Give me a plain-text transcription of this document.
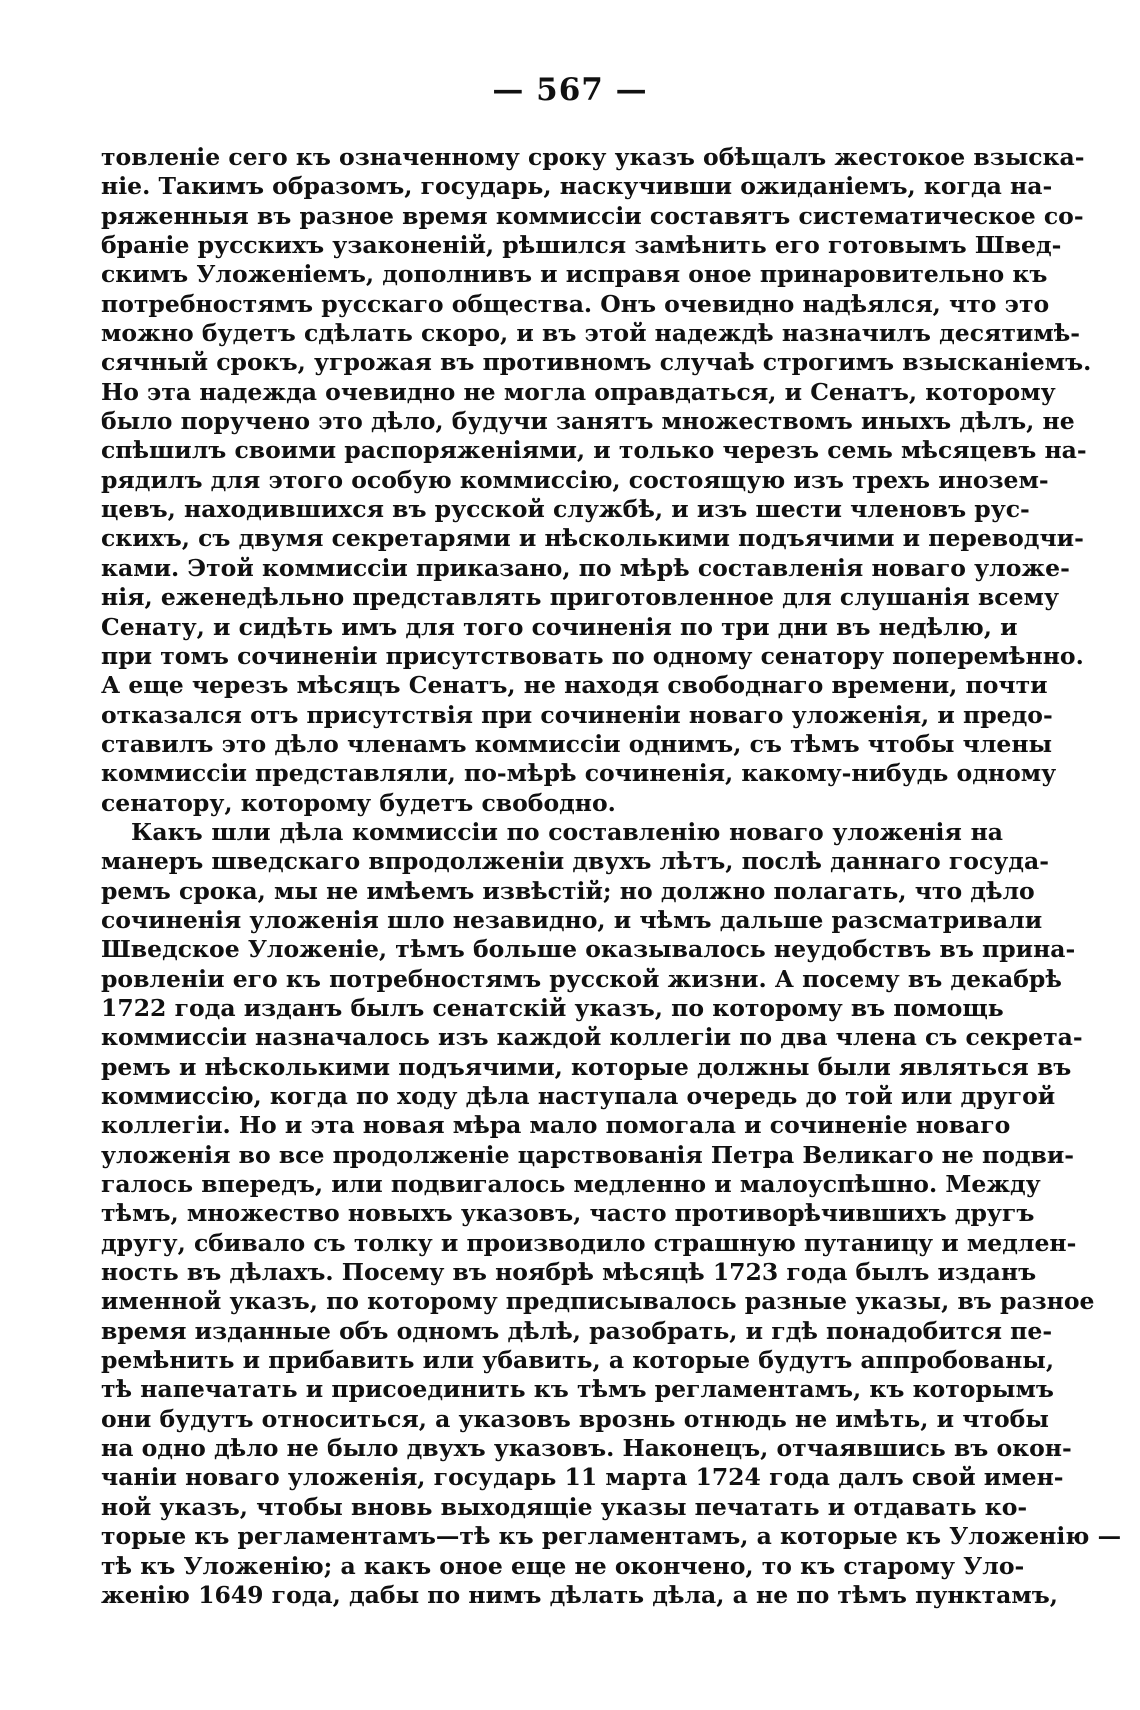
— 567 —
товленіе сего къ означенному сроку указъ обѣщалъ жестокое взыска-
ніе. Такимъ образомъ, государь, наскучивши ожиданіемъ, когда на-
ряженныя въ разное время коммиссіи составятъ систематическое со-
браніе русскихъ узаконеній, рѣшился замѣнить его готовымъ Швед-
скимъ Уложеніемъ, дополнивъ и исправя оное принаровительно къ
потребностямъ русскаго общества. Онъ очевидно надѣялся, что это
можно будетъ сдѣлать скоро, и въ этой надеждѣ назначилъ десятимѣ-
сячный срокъ, угрожая въ противномъ случаѣ строгимъ взысканіемъ.
Но эта надежда очевидно не могла оправдаться, и Сенатъ, которому
было поручено это дѣло, будучи занятъ множествомъ иныхъ дѣлъ, не
спѣшилъ своими распоряженіями, и только черезъ семь мѣсяцевъ на-
рядилъ для этого особую коммиссію, состоящую изъ трехъ инозем-
цевъ, находившихся въ русской службѣ, и изъ шести членовъ рус-
скихъ, съ двумя секретарями и нѣсколькими подъячими и переводчи-
ками. Этой коммиссіи приказано, по мѣрѣ составленія новаго уложе-
нія, еженедѣльно представлять приготовленное для слушанія всему
Сенату, и сидѣть имъ для того сочиненія по три дни въ недѣлю, и
при томъ сочиненіи присутствовать по одному сенатору поперемѣнно.
А еще черезъ мѣсяцъ Сенатъ, не находя свободнаго времени, почти
отказался отъ присутствія при сочиненіи новаго уложенія, и предо-
ставилъ это дѣло членамъ коммиссіи однимъ, съ тѣмъ чтобы члены
коммиссіи представляли, по-мѣрѣ сочиненія, какому-нибудь одному
сенатору, которому будетъ свободно.
Какъ шли дѣла коммиссіи по составленію новаго уложенія на
манеръ шведскаго впродолженіи двухъ лѣтъ, послѣ даннаго госуда-
ремъ срока, мы не имѣемъ извѣстій; но должно полагать, что дѣло
сочиненія уложенія шло незавидно, и чѣмъ дальше разсматривали
Шведское Уложеніе, тѣмъ больше оказывалось неудобствъ въ прина-
ровленіи его къ потребностямъ русской жизни. А посему въ декабрѣ
1722 года изданъ былъ сенатскій указъ, по которому въ помощь
коммиссіи назначалось изъ каждой коллегіи по два члена съ секрета-
ремъ и нѣсколькими подъячими, которые должны были являться въ
коммиссію, когда по ходу дѣла наступала очередь до той или другой
коллегіи. Но и эта новая мѣра мало помогала и сочиненіе новаго
уложенія во все продолженіе царствованія Петра Великаго не подви-
галось впередъ, или подвигалось медленно и малоуспѣшно. Между
тѣмъ, множество новыхъ указовъ, часто противорѣчившихъ другъ
другу, сбивало съ толку и производило страшную путаницу и медлен-
ность въ дѣлахъ. Посему въ ноябрѣ мѣсяцѣ 1723 года былъ изданъ
именной указъ, по которому предписывалось разные указы, въ разное
время изданные объ одномъ дѣлѣ, разобрать, и гдѣ понадобится пе-
ремѣнить и прибавить или убавить, а которые будутъ аппробованы,
тѣ напечатать и присоединить къ тѣмъ регламентамъ, къ которымъ
они будутъ относиться, а указовъ врознь отнюдь не имѣть, и чтобы
на одно дѣло не было двухъ указовъ. Наконецъ, отчаявшись въ окон-
чаніи новаго уложенія, государь 11 марта 1724 года далъ свой имен-
ной указъ, чтобы вновь выходящіе указы печатать и отдавать ко-
торые къ регламентамъ—тѣ къ регламентамъ, а которые къ Уложенію —
тѣ къ Уложенію; а какъ оное еще не окончено, то къ старому Уло-
женію 1649 года, дабы по нимъ дѣлать дѣла, а не по тѣмъ пунктамъ,
